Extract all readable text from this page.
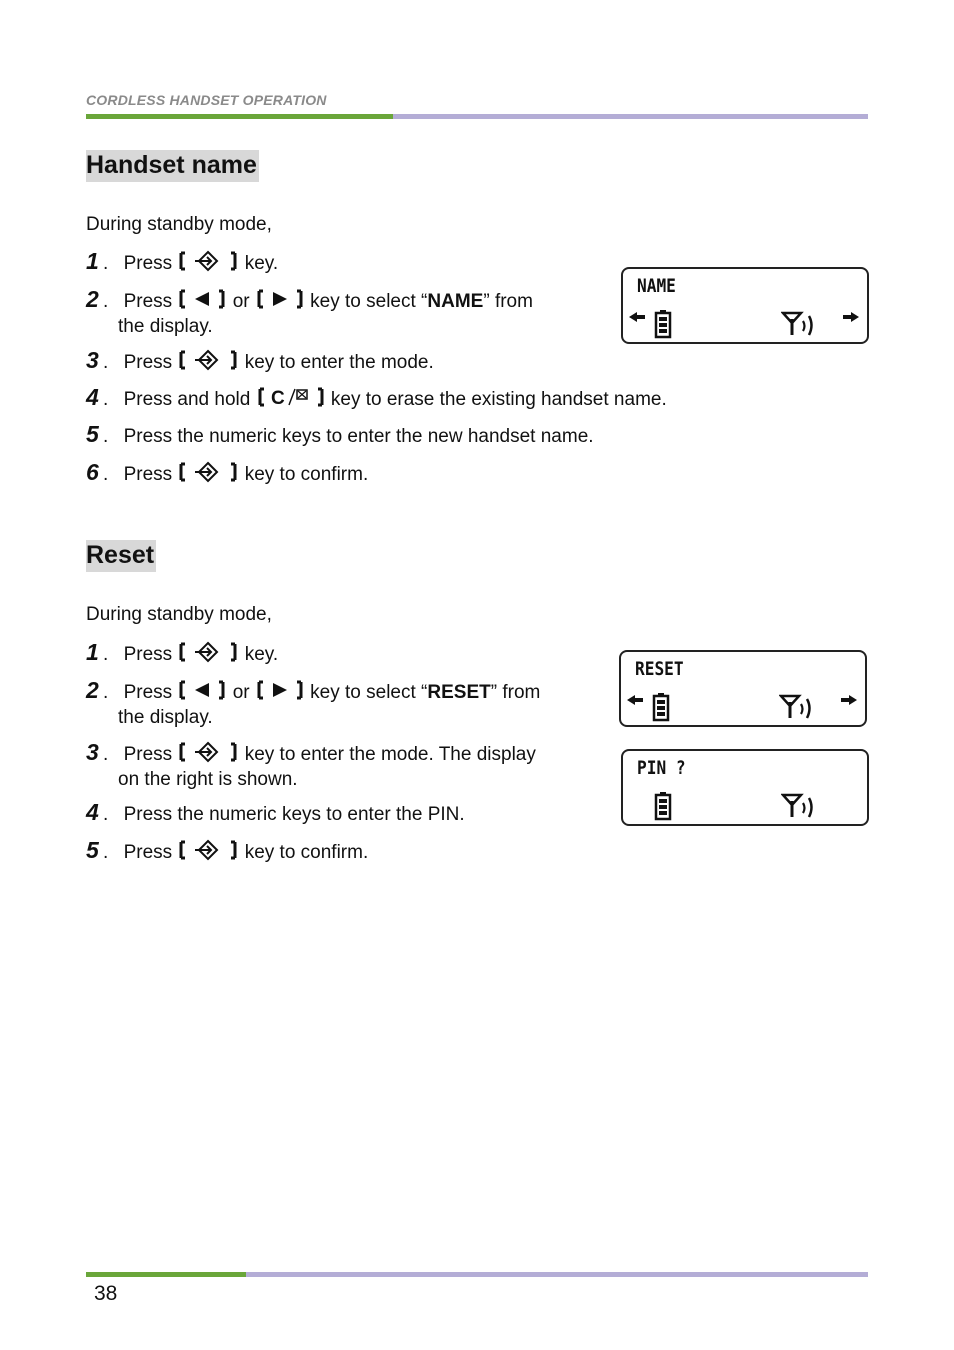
CORDLESS HANDSET OPERATION
Handset name
During standby mode,
1 . Press	key.
2 . Press	or	key to select “NAME” from
the display.
3 . Press	key to enter the mode.
4 . Press and hold C key to erase the existing handset name.
5 . Press the numeric keys to enter the new handset name.
6 . Press	key to confirm.
NAME
Reset
During standby mode,
1 . Press	key.
2 . Press	or	key to select “RESET” from
the display.
3 . Press	key to enter the mode. The display
on the right is shown.
4 . Press the numeric keys to enter the PIN.
5 . Press	key to confirm.
RESET
PIN ?
38
